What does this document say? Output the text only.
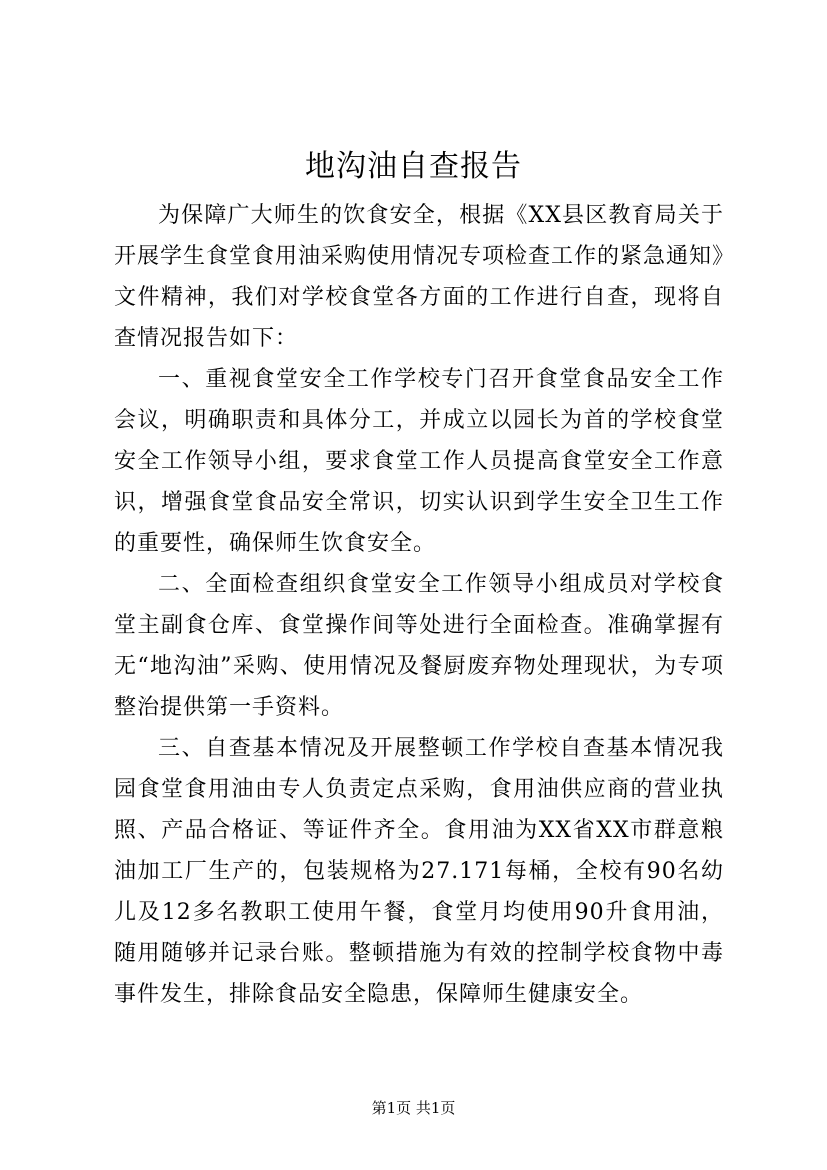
地沟油自查报告

为保障广大师生的饮食安全，根据《XX县区教育局关于开展学生食堂食用油采购使用情况专项检查工作的紧急通知》文件精神，我们对学校食堂各方面的工作进行自查，现将自查情况报告如下：

一、重视食堂安全工作学校专门召开食堂食品安全工作会议，明确职责和具体分工，并成立以园长为首的学校食堂安全工作领导小组，要求食堂工作人员提高食堂安全工作意识，增强食堂食品安全常识，切实认识到学生安全卫生工作的重要性，确保师生饮食安全。

二、全面检查组织食堂安全工作领导小组成员对学校食堂主副食仓库、食堂操作间等处进行全面检查。准确掌握有无“地沟油”采购、使用情况及餐厨废弃物处理现状，为专项整治提供第一手资料。

三、自查基本情况及开展整顿工作学校自查基本情况我园食堂食用油由专人负责定点采购，食用油供应商的营业执照、产品合格证、等证件齐全。食用油为XX省XX市群意粮油加工厂生产的，包装规格为27.171每桶，全校有90名幼儿及12多名教职工使用午餐，食堂月均使用90升食用油，随用随够并记录台账。整顿措施为有效的控制学校食物中毒事件发生，排除食品安全隐患，保障师生健康安全。

第1页 共1页
